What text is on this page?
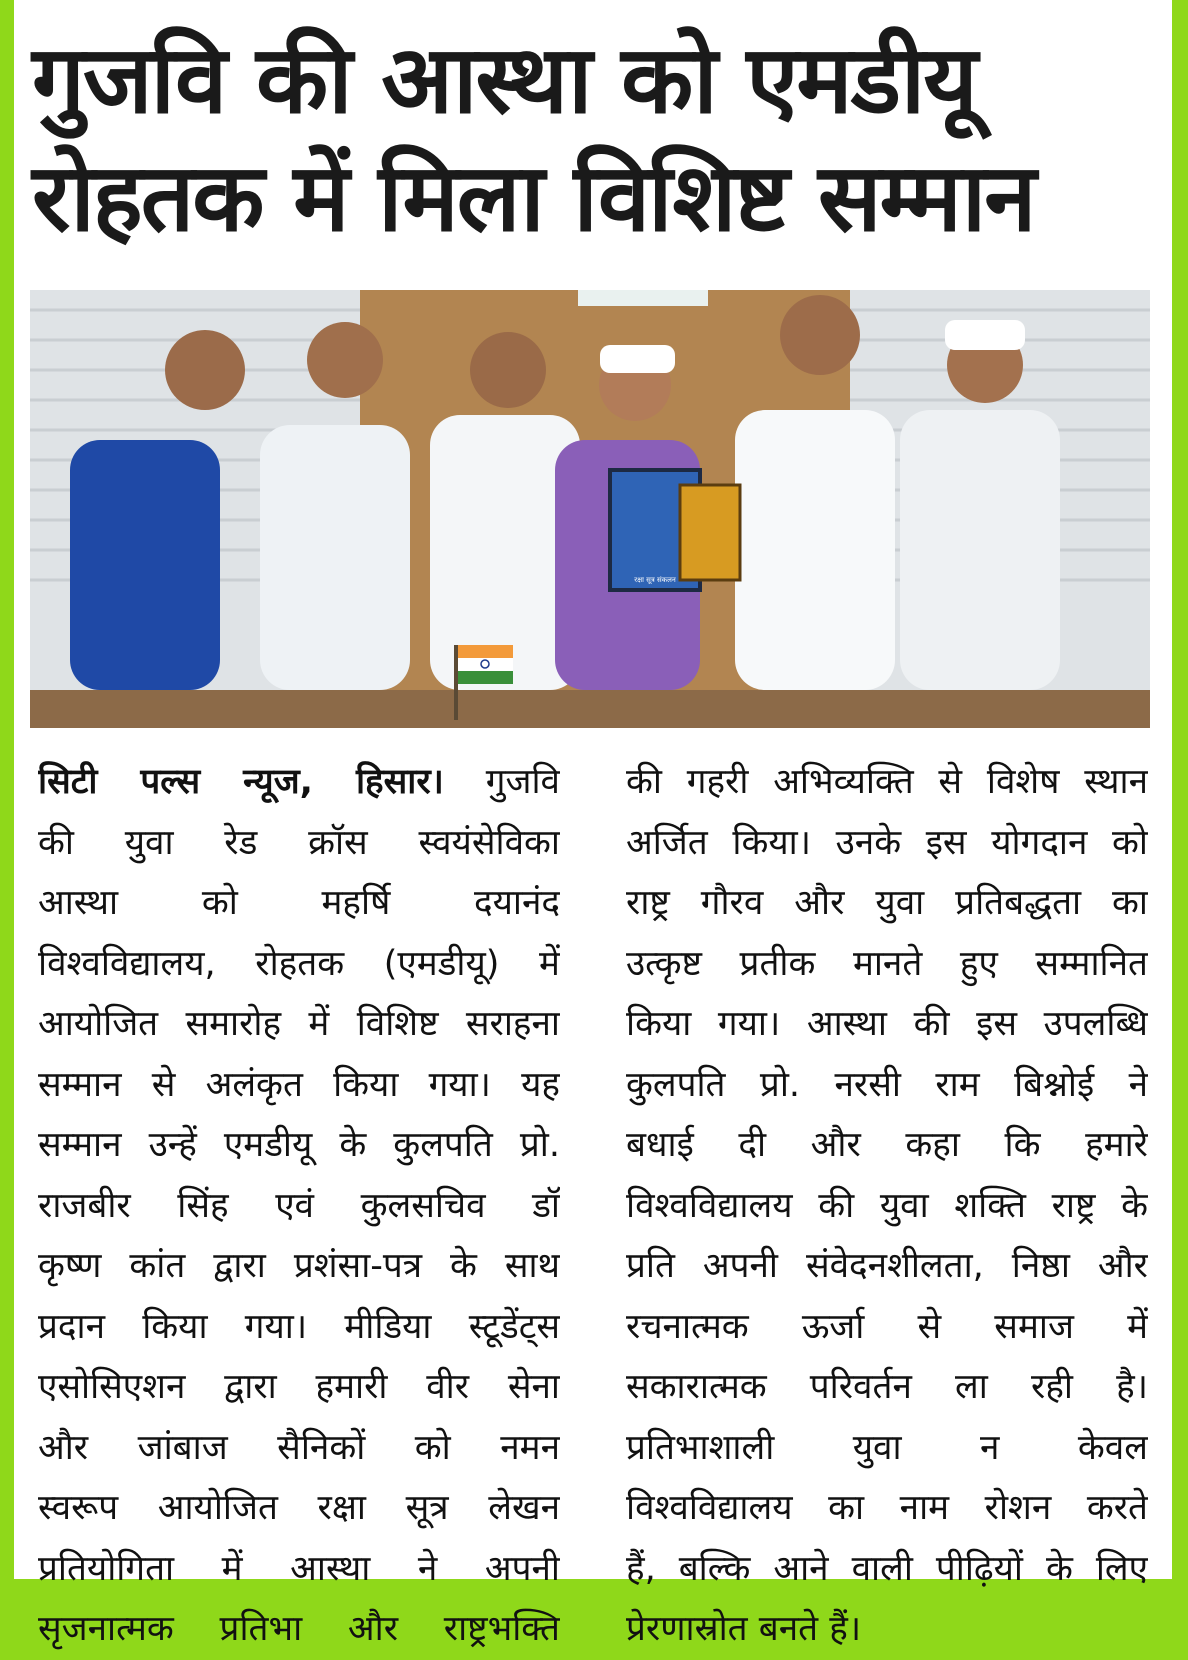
गुजवि की आस्था को एमडीयू
रोहतक में मिला विशिष्ट सम्मान
रक्षा सूत्र संकलन
सिटी पल्स न्यूज, हिसार। गुजवि
की युवा रेड क्रॉस स्वयंसेविका
आस्था को महर्षि दयानंद
विश्वविद्यालय, रोहतक (एमडीयू) में
आयोजित समारोह में विशिष्ट सराहना
सम्मान से अलंकृत किया गया। यह
सम्मान उन्हें एमडीयू के कुलपति प्रो.
राजबीर सिंह एवं कुलसचिव डॉ
कृष्ण कांत द्वारा प्रशंसा-पत्र के साथ
प्रदान किया गया। मीडिया स्टूडेंट्स
एसोसिएशन द्वारा हमारी वीर सेना
और जांबाज सैनिकों को नमन
स्वरूप आयोजित रक्षा सूत्र लेखन
प्रतियोगिता में आस्था ने अपनी
सृजनात्मक प्रतिभा और राष्ट्रभक्ति
की गहरी अभिव्यक्ति से विशेष स्थान
अर्जित किया। उनके इस योगदान को
राष्ट्र गौरव और युवा प्रतिबद्धता का
उत्कृष्ट प्रतीक मानते हुए सम्मानित
किया गया। आस्था की इस उपलब्धि
कुलपति प्रो. नरसी राम बिश्नोई ने
बधाई दी और कहा कि हमारे
विश्वविद्यालय की युवा शक्ति राष्ट्र के
प्रति अपनी संवेदनशीलता, निष्ठा और
रचनात्मक ऊर्जा से समाज में
सकारात्मक परिवर्तन ला रही है।
प्रतिभाशाली युवा न केवल
विश्वविद्यालय का नाम रोशन करते
हैं, बल्कि आने वाली पीढ़ियों के लिए
प्रेरणास्रोत बनते हैं।
